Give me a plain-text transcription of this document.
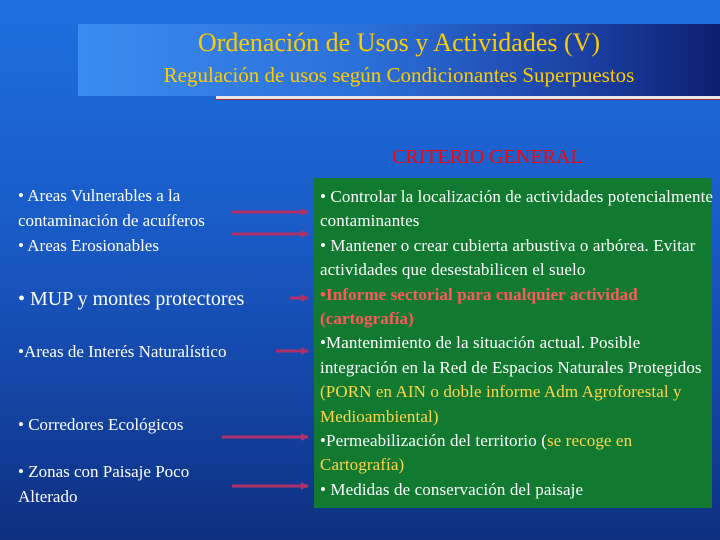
Ordenación de Usos y Actividades (V)
Regulación de usos según Condicionantes Superpuestos
CRITERIO GENERAL
• Areas Vulnerables a la
contaminación de acuíferos
• Areas Erosionables
• MUP y montes protectores
•Areas de Interés Naturalístico
• Corredores Ecológicos
• Zonas con Paisaje Poco
Alterado
• Controlar la localización de actividades potencialmente contaminantes
• Mantener o crear cubierta arbustiva o arbórea. Evitar actividades que desestabilicen el suelo
•Informe sectorial para cualquier actividad (cartografía)
•Mantenimiento de la situación actual. Posible integración en la Red de Espacios Naturales Protegidos (PORN en AIN o doble informe Adm Agroforestal y Medioambiental)
•Permeabilización del territorio (se recoge en Cartografía)
• Medidas de conservación del paisaje
